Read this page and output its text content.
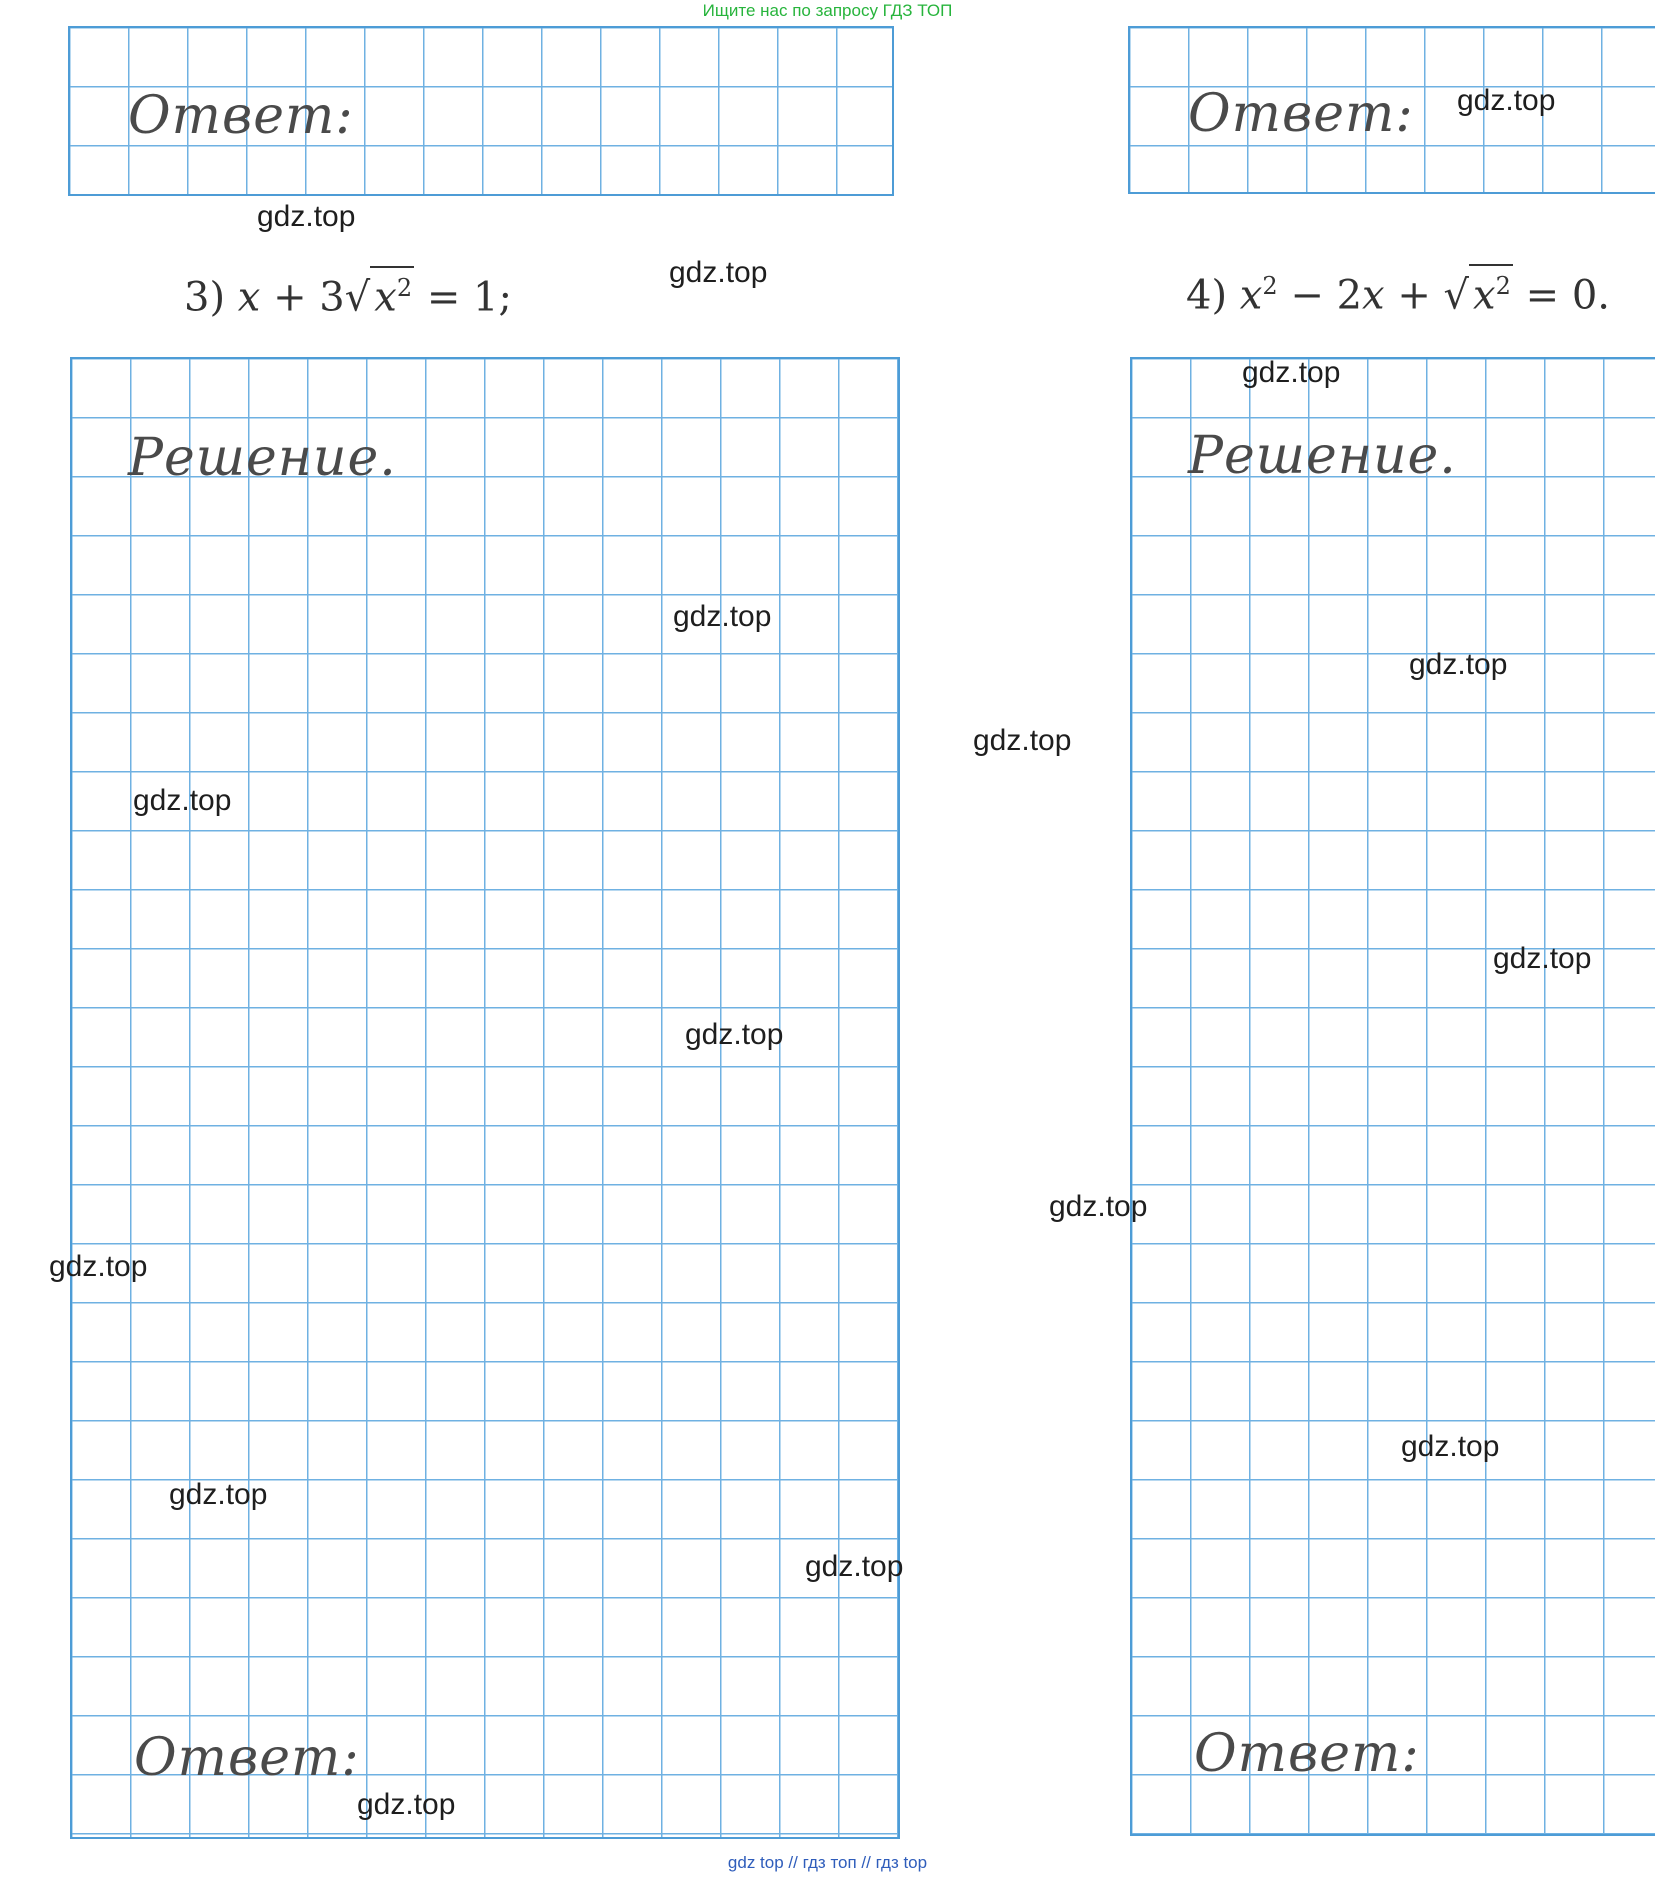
Ищите нас по запросу ГДЗ ТОП
Ответ:	Ответ:
3) x + 3√ $x^2 = 1$;	4) $x^2 - 2x$ + √ $x^2 = 0$.
Решение.
Ответ:
Решение.
Ответ:
gdz.top
gdz.top
gdz.top
gdz.top
gdz.top
gdz.top
gdz.top
gdz.top
gdz.top
gdz.top
gdz.top
gdz.top
gdz.top
gdz.top
gdz.top
gdz.top
gdz top // гдз топ // гдз top
